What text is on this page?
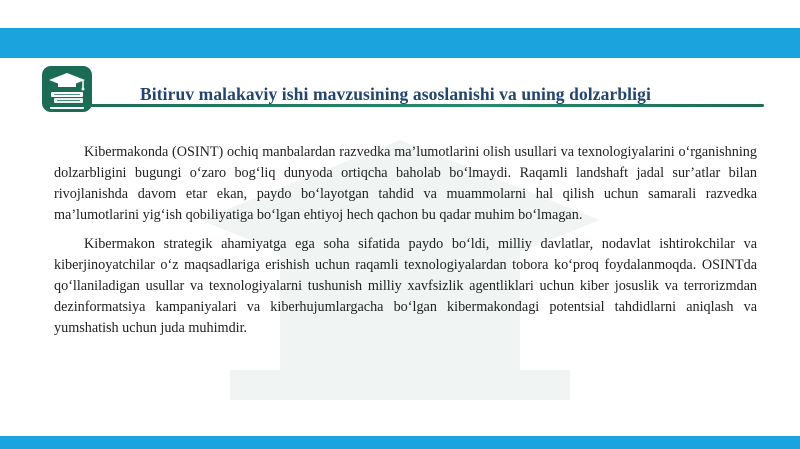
Bitiruv malakaviy ishi mavzusining asoslanishi va uning dolzarbligi

Kibermakonda (OSINT) ochiq manbalardan razvedka ma’lumotlarini olish usullari va texnologiyalarini o‘rganishning dolzarbligini bugungi o‘zaro bog‘liq dunyoda ortiqcha baholab bo‘lmaydi. Raqamli landshaft jadal sur’atlar bilan rivojlanishda davom etar ekan, paydo bo‘layotgan tahdid va muammolarni hal qilish uchun samarali razvedka ma’lumotlarini yig‘ish qobiliyatiga bo‘lgan ehtiyoj hech qachon bu qadar muhim bo‘lmagan.

Kibermakon strategik ahamiyatga ega soha sifatida paydo bo‘ldi, milliy davlatlar, nodavlat ishtirokchilar va kiberjinoyatchilar o‘z maqsadlariga erishish uchun raqamli texnologiyalardan tobora ko‘proq foydalanmoqda. OSINTda qo‘llaniladigan usullar va texnologiyalarni tushunish milliy xavfsizlik agentliklari uchun kiber josuslik va terrorizmdan dezinformatsiya kampaniyalari va kiberhujumlargacha bo‘lgan kibermakondagi potentsial tahdidlarni aniqlash va yumshatish uchun juda muhimdir.
